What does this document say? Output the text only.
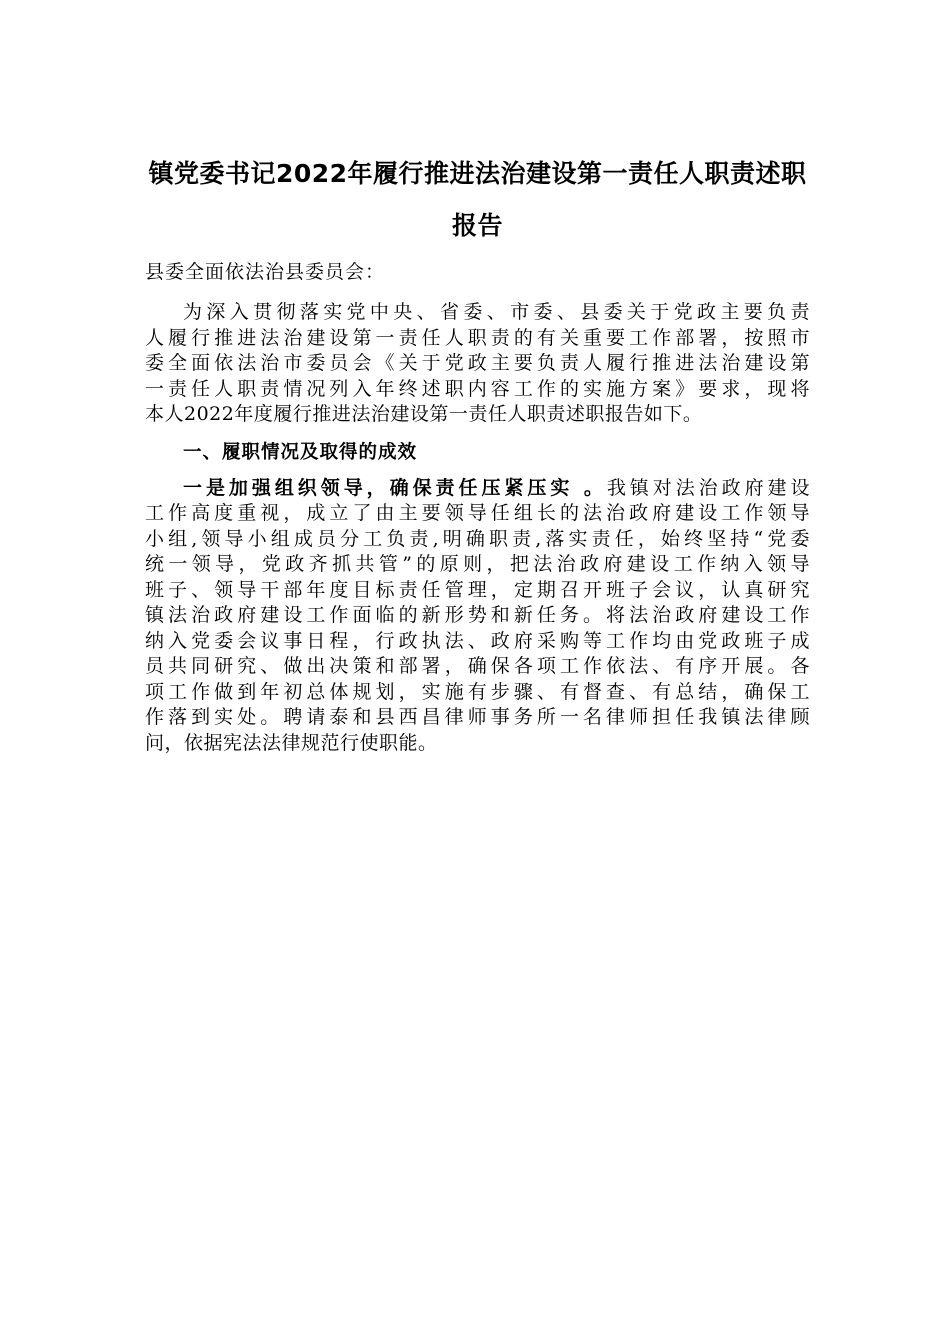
镇党委书记2022年履行推进法治建设第一责任人职责述职
报告
县委全面依法治县委员会：
为深入贯彻落实党中央、省委、市委、县委关于党政主要负责
人履行推进法治建设第一责任人职责的有关重要工作部署，按照市
委全面依法治市委员会《关于党政主要负责人履行推进法治建设第
一责任人职责情况列入年终述职内容工作的实施方案》要求，现将
本人2022年度履行推进法治建设第一责任人职责述职报告如下。
一、履职情况及取得的成效
一是加强组织领导，确保责任压紧压实 。我镇对法治政府建设
工作高度重视，成立了由主要领导任组长的法治政府建设工作领导
小组,领导小组成员分工负责,明确职责,落实责任，始终坚持“党委
统一领导，党政齐抓共管”的原则，把法治政府建设工作纳入领导
班子、领导干部年度目标责任管理，定期召开班子会议，认真研究
镇法治政府建设工作面临的新形势和新任务。将法治政府建设工作
纳入党委会议事日程，行政执法、政府采购等工作均由党政班子成
员共同研究、做出决策和部署，确保各项工作依法、有序开展。各
项工作做到年初总体规划，实施有步骤、有督查、有总结，确保工
作落到实处。聘请泰和县西昌律师事务所一名律师担任我镇法律顾
问，依据宪法法律规范行使职能。
